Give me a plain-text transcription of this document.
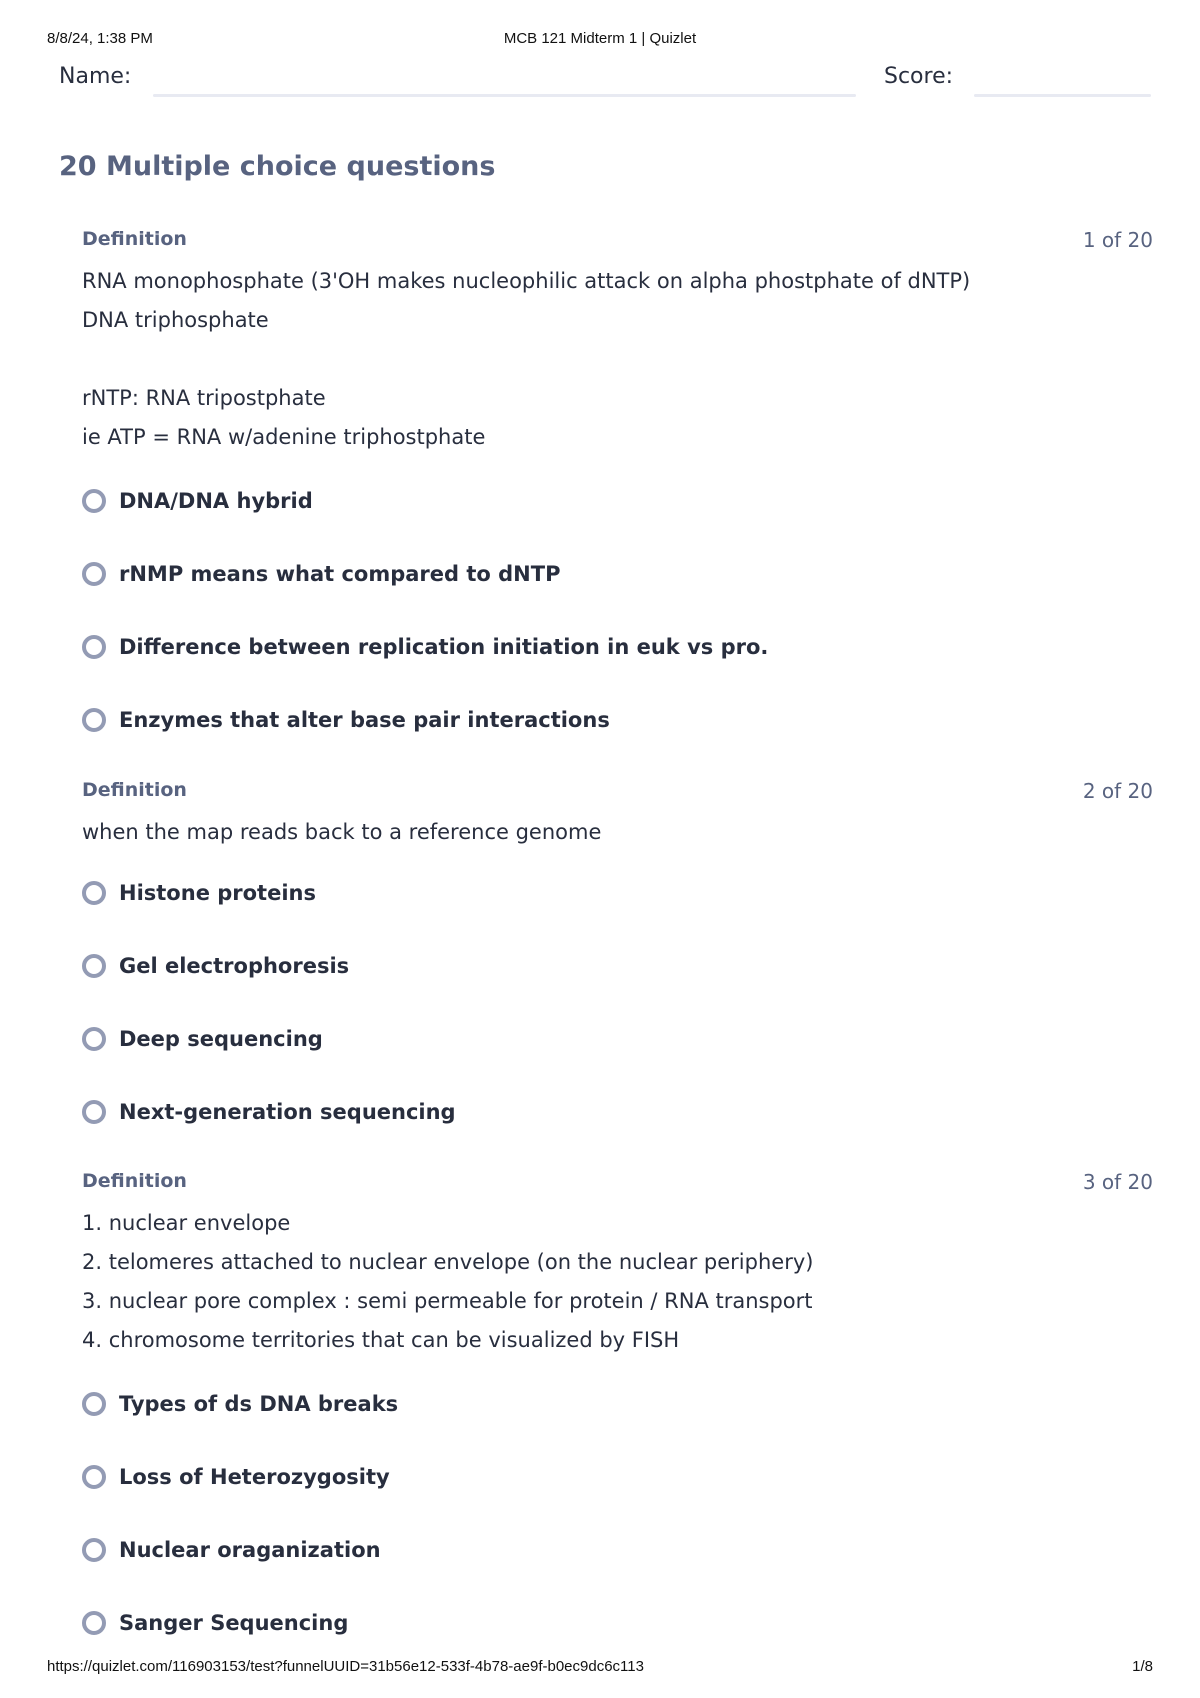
8/8/24, 1:38 PM	MCB 121 Midterm 1 | Quizlet
Name:	Score:
20 Multiple choice questions
Definition	1 of 20
RNA monophosphate (3'OH makes nucleophilic attack on alpha phostphate of dNTP)
DNA triphosphate
rNTP: RNA tripostphate
ie ATP = RNA w/adenine triphostphate
DNA/DNA hybrid
rNMP means what compared to dNTP
Difference between replication initiation in euk vs pro.
Enzymes that alter base pair interactions
Definition	2 of 20
when the map reads back to a reference genome
Histone proteins
Gel electrophoresis
Deep sequencing
Next-generation sequencing
Definition	3 of 20
1. nuclear envelope
2. telomeres attached to nuclear envelope (on the nuclear periphery)
3. nuclear pore complex : semi permeable for protein / RNA transport
4. chromosome territories that can be visualized by FISH
Types of ds DNA breaks
Loss of Heterozygosity
Nuclear oraganization
Sanger Sequencing
https://quizlet.com/116903153/test?funnelUUID=31b56e12-533f-4b78-ae9f-b0ec9dc6c113	1/8
